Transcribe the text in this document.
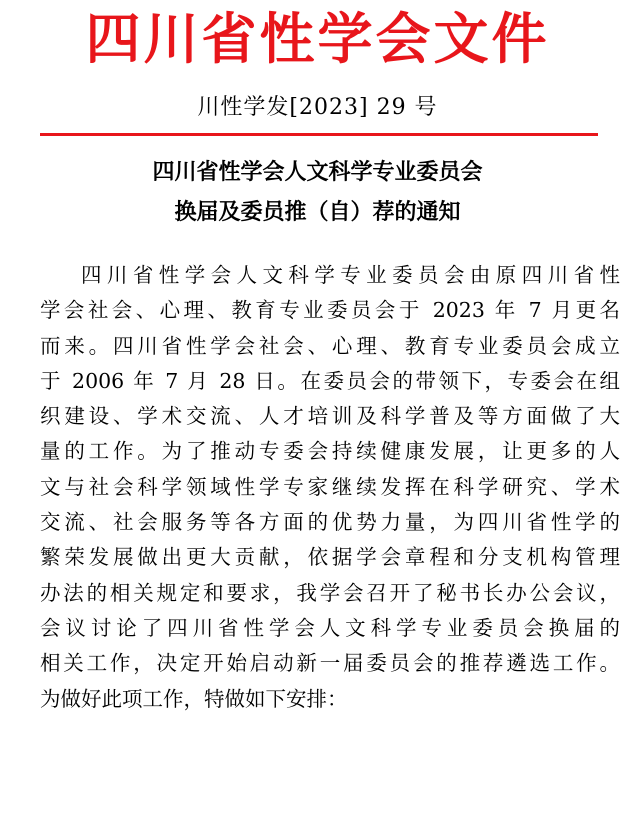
四川省性学会文件
川性学发[2023] 29 号
四川省性学会人文科学专业委员会
换届及委员推（自）荐的通知
四川省性学会人文科学专业委员会由原四川省性
学会社会、心理、教育专业委员会于 2023 年 7 月更名
而来。四川省性学会社会、心理、教育专业委员会成立
于 2006 年 7 月 28 日。在委员会的带领下，专委会在组
织建设、学术交流、人才培训及科学普及等方面做了大
量的工作。为了推动专委会持续健康发展，让更多的人
文与社会科学领域性学专家继续发挥在科学研究、学术
交流、社会服务等各方面的优势力量，为四川省性学的
繁荣发展做出更大贡献，依据学会章程和分支机构管理
办法的相关规定和要求，我学会召开了秘书长办公会议，
会议讨论了四川省性学会人文科学专业委员会换届的
相关工作，决定开始启动新一届委员会的推荐遴选工作。
为做好此项工作，特做如下安排：
